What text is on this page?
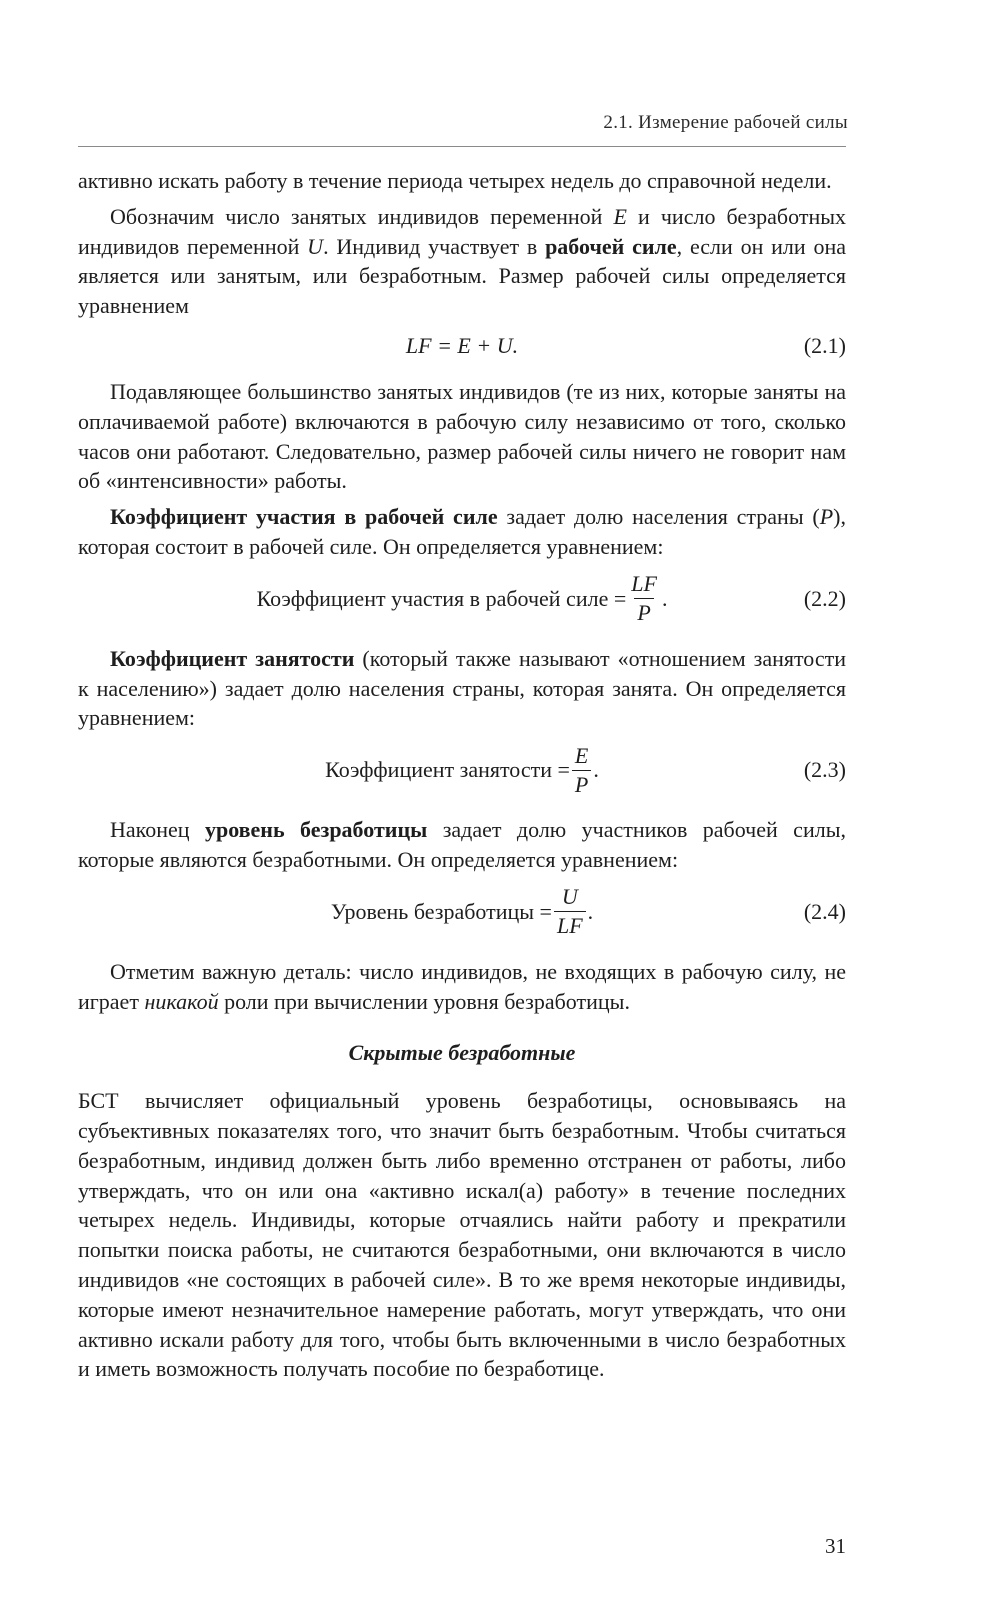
2.1. Измерение рабочей силы

активно искать работу в течение периода четырех недель до справочной недели.

Обозначим число занятых индивидов переменной E и число безработных индивидов переменной U. Индивид участвует в рабочей силе, если он или она является или занятым, или безработным. Размер рабочей силы определяется уравнением

LF = E + U.	(2.1)

Подавляющее большинство занятых индивидов (те из них, которые заняты на оплачиваемой работе) включаются в рабочую силу независимо от того, сколько часов они работают. Следовательно, размер рабочей силы ничего не говорит нам об «интенсивности» работы.

Коэффициент участия в рабочей силе задает долю населения страны (P), которая состоит в рабочей силе. Он определяется уравнением:

Коэффициент участия в рабочей силе = $\frac{LF}{P}$ .	(2.2)

Коэффициент занятости (который также называют «отношением занятости к населению») задает долю населения страны, которая занята. Он определяется уравнением:

Коэффициент занятости = $\frac{E}{P}$ .	(2.3)

Наконец уровень безработицы задает долю участников рабочей силы, которые являются безработными. Он определяется уравнением:

Уровень безработицы = $\frac{U}{LF}$ .	(2.4)

Отметим важную деталь: число индивидов, не входящих в рабочую силу, не играет никакой роли при вычислении уровня безработицы.

Скрытые безработные

БСТ вычисляет официальный уровень безработицы, основываясь на субъективных показателях того, что значит быть безработным. Чтобы считаться безработным, индивид должен быть либо временно отстранен от работы, либо утверждать, что он или она «активно искал(а) работу» в течение последних четырех недель. Индивиды, которые отчаялись найти работу и прекратили попытки поиска работы, не считаются безработными, они включаются в число индивидов «не состоящих в рабочей силе». В то же время некоторые индивиды, которые имеют незначительное намерение работать, могут утверждать, что они активно искали работу для того, чтобы быть включенными в число безработных и иметь возможность получать пособие по безработице.

31
